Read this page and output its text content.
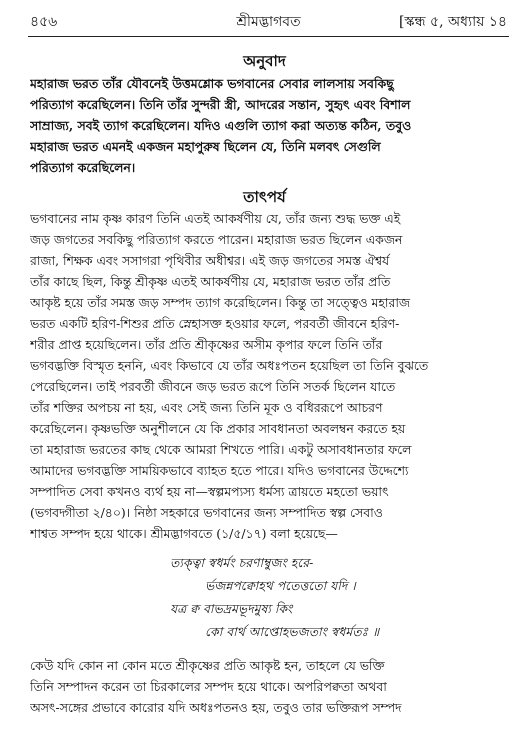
৪৫৬	শ্রীমদ্ভাগবত	[স্কন্ধ ৫, অধ্যায় ১৪
অনুবাদ
মহারাজ ভরত তাঁর যৌবনেই উত্তমশ্লোক ভগবানের সেবার লালসায় সবকিছু
পরিত্যাগ করেছিলেন। তিনি তাঁর সুন্দরী স্ত্রী, আদরের সন্তান, সুহৃৎ এবং বিশাল
সাম্রাজ্য, সবই ত্যাগ করেছিলেন। যদিও এগুলি ত্যাগ করা অত্যন্ত কঠিন, তবুও
মহারাজ ভরত এমনই একজন মহাপুরুষ ছিলেন যে, তিনি মলবৎ সেগুলি
পরিত্যাগ করেছিলেন।
তাৎপর্য
ভগবানের নাম কৃষ্ণ কারণ তিনি এতই আকর্ষণীয় যে, তাঁর জন্য শুদ্ধ ভক্ত এই
জড় জগতের সবকিছু পরিত্যাগ করতে পারেন। মহারাজ ভরত ছিলেন একজন
রাজা, শিক্ষক এবং সসাগরা পৃথিবীর অধীশ্বর। এই জড় জগতের সমস্ত ঐশ্বর্য
তাঁর কাছে ছিল, কিন্তু শ্রীকৃষ্ণ এতই আকর্ষণীয় যে, মহারাজ ভরত তাঁর প্রতি
আকৃষ্ট হয়ে তাঁর সমস্ত জড় সম্পদ ত্যাগ করেছিলেন। কিন্তু তা সত্ত্বেও মহারাজ
ভরত একটি হরিণ-শিশুর প্রতি স্নেহাসক্ত হওয়ার ফলে, পরবর্তী জীবনে হরিণ-
শরীর প্রাপ্ত হয়েছিলেন। তাঁর প্রতি শ্রীকৃষ্ণের অসীম কৃপার ফলে তিনি তাঁর
ভগবদ্ভক্তি বিস্মৃত হননি, এবং কিভাবে যে তাঁর অধঃপতন হয়েছিল তা তিনি বুঝতে
পেরেছিলেন। তাই পরবর্তী জীবনে জড় ভরত রূপে তিনি সতর্ক ছিলেন যাতে
তাঁর শক্তির অপচয় না হয়, এবং সেই জন্য তিনি মূক ও বধিররূপে আচরণ
করেছিলেন। কৃষ্ণভক্তি অনুশীলনে যে কি প্রকার সাবধানতা অবলম্বন করতে হয়
তা মহারাজ ভরতের কাছ থেকে আমরা শিখতে পারি। একটু অসাবধানতার ফলে
আমাদের ভগবদ্ভক্তি সাময়িকভাবে ব্যাহত হতে পারে। যদিও ভগবানের উদ্দেশ্যে
সম্পাদিত সেবা কখনও ব্যর্থ হয় না—স্বল্পমপ্যস্য ধর্মস্য ত্রায়তে মহতো ভয়াৎ
(ভগবদ্গীতা ২/৪০)। নিষ্ঠা সহকারে ভগবানের জন্য সম্পাদিত স্বল্প সেবাও
শাশ্বত সম্পদ হয়ে থাকে। শ্রীমদ্ভাগবতে (১/৫/১৭) বলা হয়েছে—
ত্যক্ত্বা স্বধর্মং চরণাম্বুজং হরে-
র্ভজন্নপক্বোহথ পতেত্ততো যদি ।
যত্র ক্ব বাভদ্রমভূদমুষ্য কিং
কো বার্থ আপ্তোহভজতাং স্বধর্মতঃ ॥
কেউ যদি কোন না কোন মতে শ্রীকৃষ্ণের প্রতি আকৃষ্ট হন, তাহলে যে ভক্তি
তিনি সম্পাদন করেন তা চিরকালের সম্পদ হয়ে থাকে। অপরিপক্বতা অথবা
অসৎ-সঙ্গের প্রভাবে কারোর যদি অধঃপতনও হয়, তবুও তার ভক্তিরূপ সম্পদ
